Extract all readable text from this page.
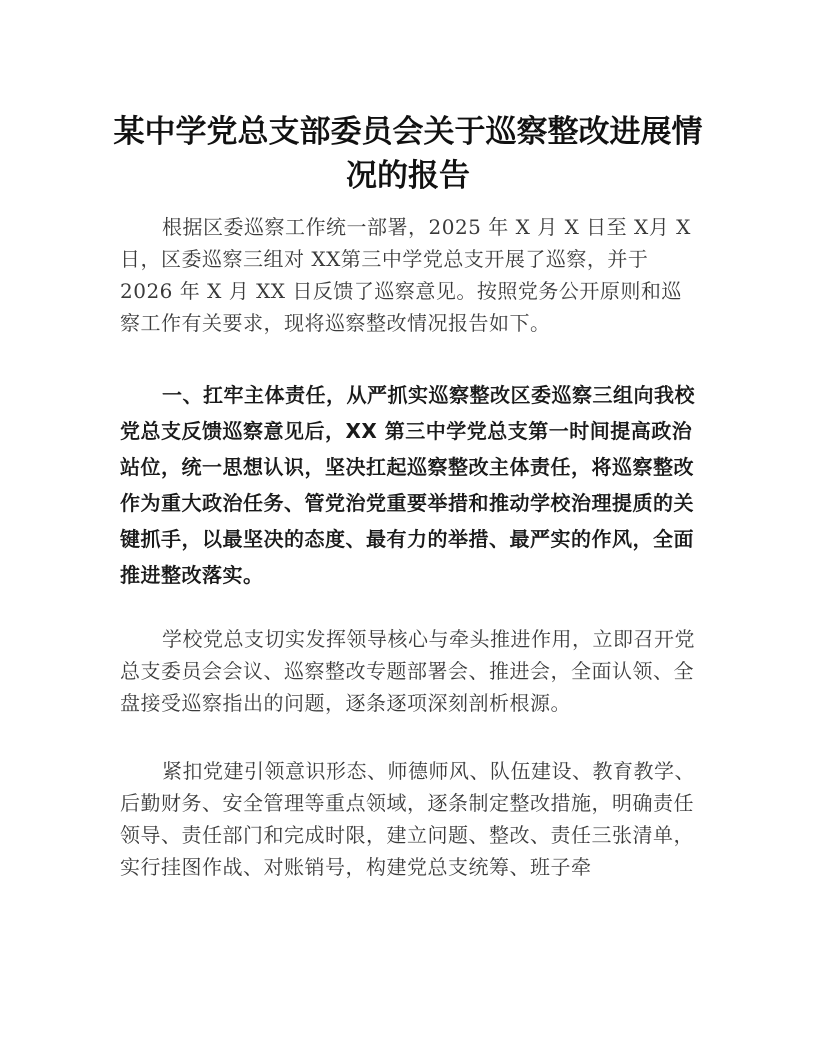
某中学党总支部委员会关于巡察整改进展情况的报告

根据区委巡察工作统一部署，2025 年 X 月 X 日至 X月 X日，区委巡察三组对 XX第三中学党总支开展了巡察，并于 2026 年 X 月 XX 日反馈了巡察意见。按照党务公开原则和巡察工作有关要求，现将巡察整改情况报告如下。

一、扛牢主体责任，从严抓实巡察整改区委巡察三组向我校党总支反馈巡察意见后，XX 第三中学党总支第一时间提高政治站位，统一思想认识，坚决扛起巡察整改主体责任，将巡察整改作为重大政治任务、管党治党重要举措和推动学校治理提质的关键抓手，以最坚决的态度、最有力的举措、最严实的作风，全面推进整改落实。

学校党总支切实发挥领导核心与牵头推进作用，立即召开党总支委员会会议、巡察整改专题部署会、推进会，全面认领、全盘接受巡察指出的问题，逐条逐项深刻剖析根源。

紧扣党建引领意识形态、师德师风、队伍建设、教育教学、后勤财务、安全管理等重点领域，逐条制定整改措施，明确责任领导、责任部门和完成时限，建立问题、整改、责任三张清单，实行挂图作战、对账销号，构建党总支统筹、班子牵
